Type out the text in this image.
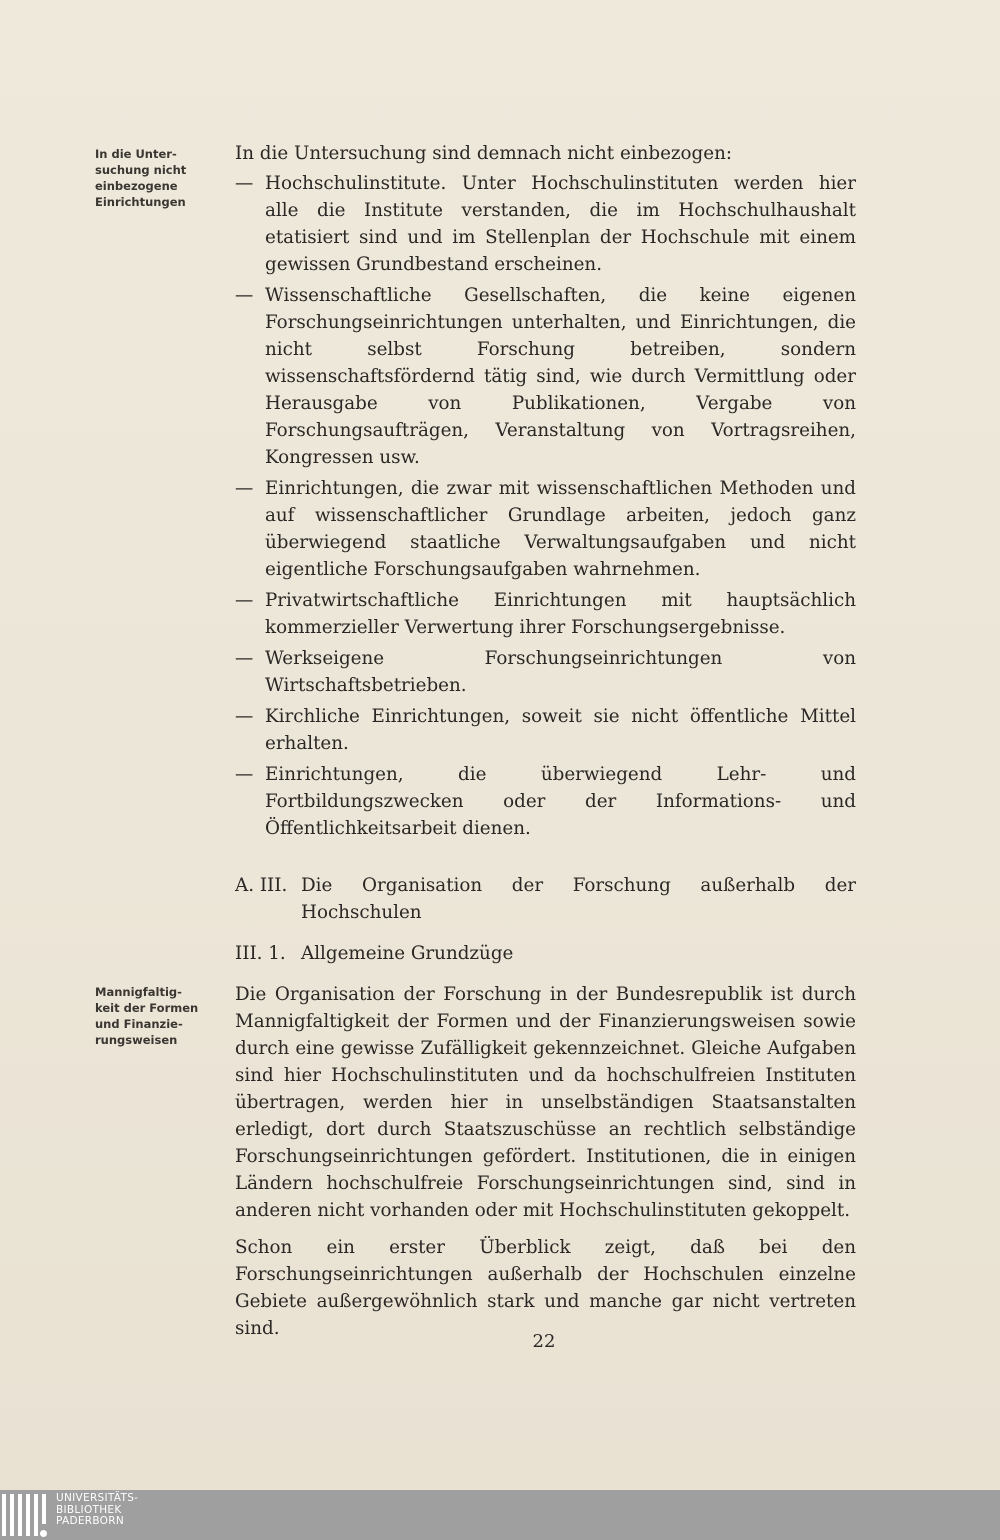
In die Unter-
suchung nicht
einbezogene
Einrichtungen
Mannigfaltig-
keit der Formen
und Finanzie-
rungsweisen
In die Untersuchung sind demnach nicht einbezogen:
— Hochschulinstitute. Unter Hochschulinstituten werden hier alle die Institute verstanden, die im Hochschulhaushalt etatisiert sind und im Stellenplan der Hochschule mit einem gewissen Grundbestand erscheinen.
— Wissenschaftliche Gesellschaften, die keine eigenen Forschungseinrichtungen unterhalten, und Einrichtungen, die nicht selbst Forschung betreiben, sondern wissenschaftsfördernd tätig sind, wie durch Vermittlung oder Herausgabe von Publikationen, Vergabe von Forschungsaufträgen, Veranstaltung von Vortragsreihen, Kongressen usw.
— Einrichtungen, die zwar mit wissenschaftlichen Methoden und auf wissenschaftlicher Grundlage arbeiten, jedoch ganz überwiegend staatliche Verwaltungsaufgaben und nicht eigentliche Forschungsaufgaben wahrnehmen.
— Privatwirtschaftliche Einrichtungen mit hauptsächlich kommerzieller Verwertung ihrer Forschungsergebnisse.
— Werkseigene Forschungseinrichtungen von Wirtschaftsbetrieben.
— Kirchliche Einrichtungen, soweit sie nicht öffentliche Mittel erhalten.
— Einrichtungen, die überwiegend Lehr- und Fortbildungszwecken oder der Informations- und Öffentlichkeitsarbeit dienen.
A. III. Die Organisation der Forschung außerhalb der Hochschulen
III. 1. Allgemeine Grundzüge
Die Organisation der Forschung in der Bundesrepublik ist durch Mannigfaltigkeit der Formen und der Finanzierungsweisen sowie durch eine gewisse Zufälligkeit gekennzeichnet. Gleiche Aufgaben sind hier Hochschulinstituten und da hochschulfreien Instituten übertragen, werden hier in unselbständigen Staatsanstalten erledigt, dort durch Staatszuschüsse an rechtlich selbständige Forschungseinrichtungen gefördert. Institutionen, die in einigen Ländern hochschulfreie Forschungseinrichtungen sind, sind in anderen nicht vorhanden oder mit Hochschulinstituten gekoppelt.
Schon ein erster Überblick zeigt, daß bei den Forschungseinrichtungen außerhalb der Hochschulen einzelne Gebiete außergewöhnlich stark und manche gar nicht vertreten sind.
22
UNIVERSITÄTS-
BIBLIOTHEK
PADERBORN
